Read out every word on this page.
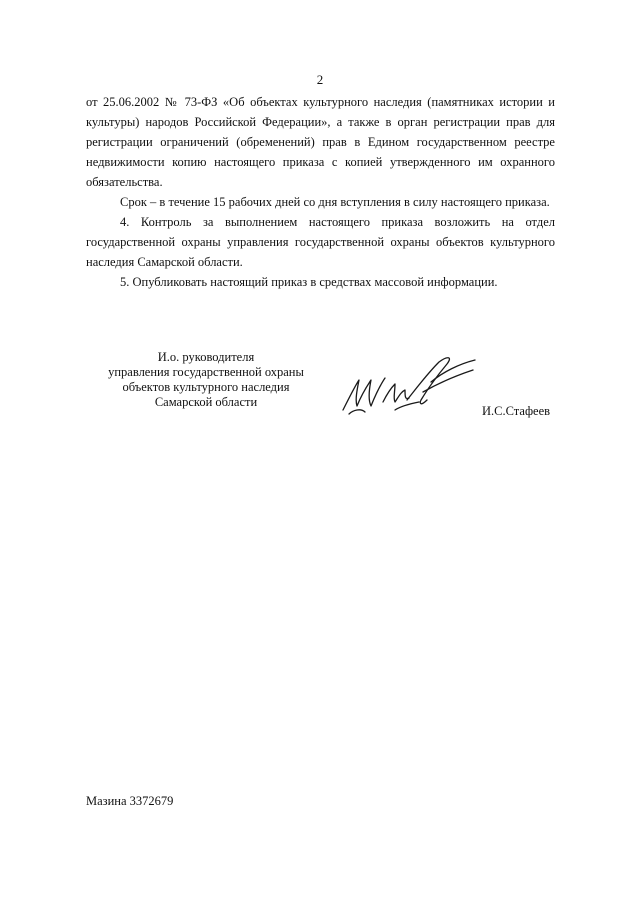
2

от 25.06.2002 № 73-ФЗ «Об объектах культурного наследия (памятниках истории и культуры) народов Российской Федерации», а также в орган регистрации прав для регистрации ограничений (обременений) прав в Едином государственном реестре недвижимости копию настоящего приказа с копией утвержденного им охранного обязательства.

Срок – в течение 15 рабочих дней со дня вступления в силу настоящего приказа.

4. Контроль за выполнением настоящего приказа возложить на отдел государственной охраны управления государственной охраны объектов культурного наследия Самарской области.

5. Опубликовать настоящий приказ в средствах массовой информации.

И.о. руководителя
управления государственной охраны
объектов культурного наследия
Самарской области
И.С.Стафеев
Мазина 3372679
